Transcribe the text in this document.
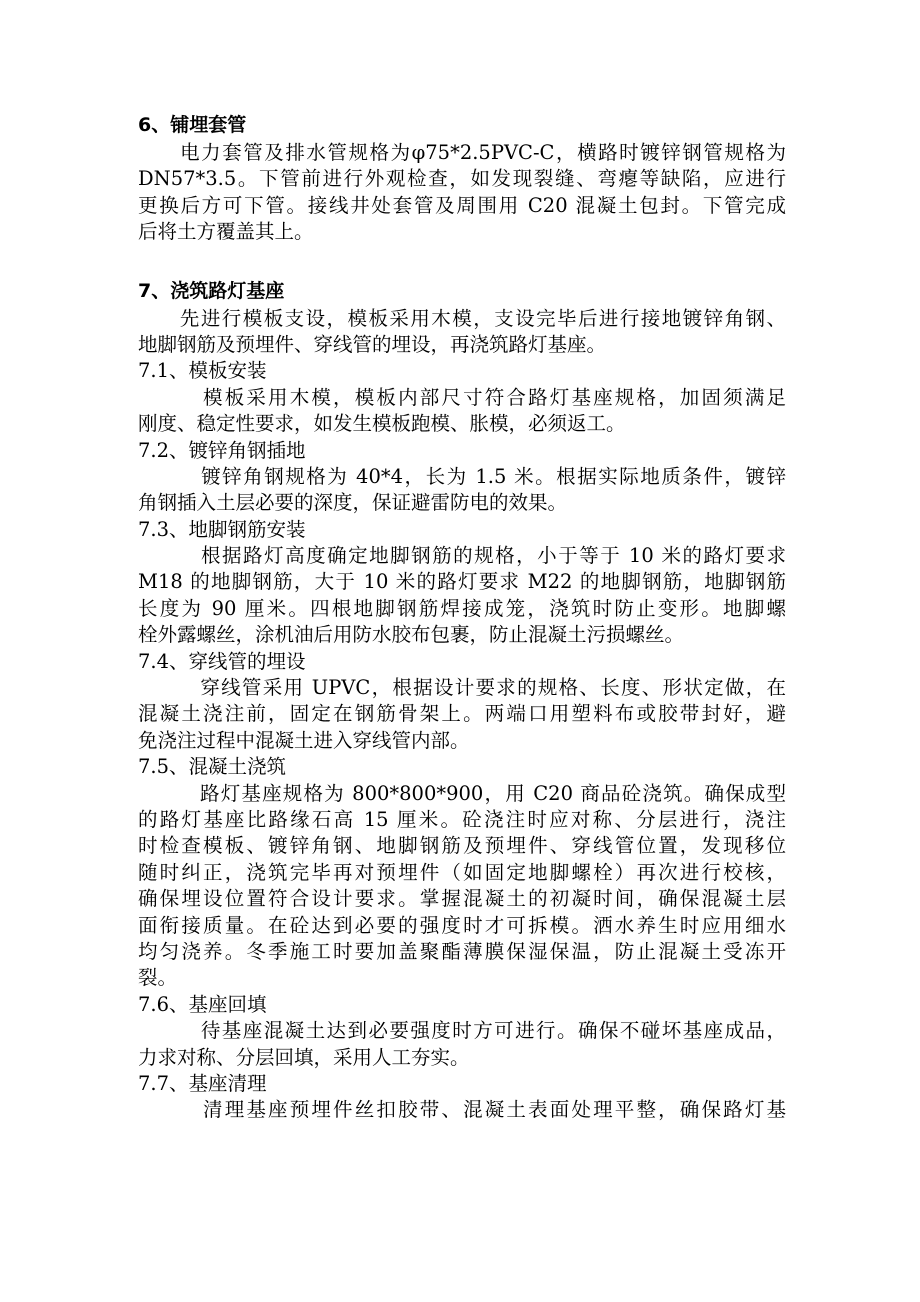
6、铺埋套管
　　电力套管及排水管规格为φ75*2.5PVC-C，横路时镀锌钢管规格为
DN57*3.5。下管前进行外观检查，如发现裂缝、弯瘪等缺陷，应进行
更换后方可下管。接线井处套管及周围用 C20 混凝土包封。下管完成
后将土方覆盖其上。
7、浇筑路灯基座
　　先进行模板支设，模板采用木模，支设完毕后进行接地镀锌角钢、
地脚钢筋及预埋件、穿线管的埋设，再浇筑路灯基座。
7.1、模板安装
　　　模板采用木模，模板内部尺寸符合路灯基座规格，加固须满足
刚度、稳定性要求，如发生模板跑模、胀模，必须返工。
7.2、镀锌角钢插地
　　　镀锌角钢规格为 40*4，长为 1.5 米。根据实际地质条件，镀锌
角钢插入土层必要的深度，保证避雷防电的效果。
7.3、地脚钢筋安装
　　　根据路灯高度确定地脚钢筋的规格，小于等于 10 米的路灯要求
M18 的地脚钢筋，大于 10 米的路灯要求 M22 的地脚钢筋，地脚钢筋
长度为 90 厘米。四根地脚钢筋焊接成笼，浇筑时防止变形。地脚螺
栓外露螺丝，涂机油后用防水胶布包裹，防止混凝土污损螺丝。
7.4、穿线管的埋设
　　　穿线管采用 UPVC，根据设计要求的规格、长度、形状定做，在
混凝土浇注前，固定在钢筋骨架上。两端口用塑料布或胶带封好，避
免浇注过程中混凝土进入穿线管内部。
7.5、混凝土浇筑
　　　路灯基座规格为 800*800*900，用 C20 商品砼浇筑。确保成型
的路灯基座比路缘石高 15 厘米。砼浇注时应对称、分层进行，浇注
时检查模板、镀锌角钢、地脚钢筋及预埋件、穿线管位置，发现移位
随时纠正，浇筑完毕再对预埋件（如固定地脚螺栓）再次进行校核，
确保埋设位置符合设计要求。掌握混凝土的初凝时间，确保混凝土层
面衔接质量。在砼达到必要的强度时才可拆模。洒水养生时应用细水
均匀浇养。冬季施工时要加盖聚酯薄膜保湿保温，防止混凝土受冻开
裂。
7.6、基座回填
　　　待基座混凝土达到必要强度时方可进行。确保不碰坏基座成品，
力求对称、分层回填，采用人工夯实。
7.7、基座清理
　　　清理基座预埋件丝扣胶带、混凝土表面处理平整，确保路灯基
